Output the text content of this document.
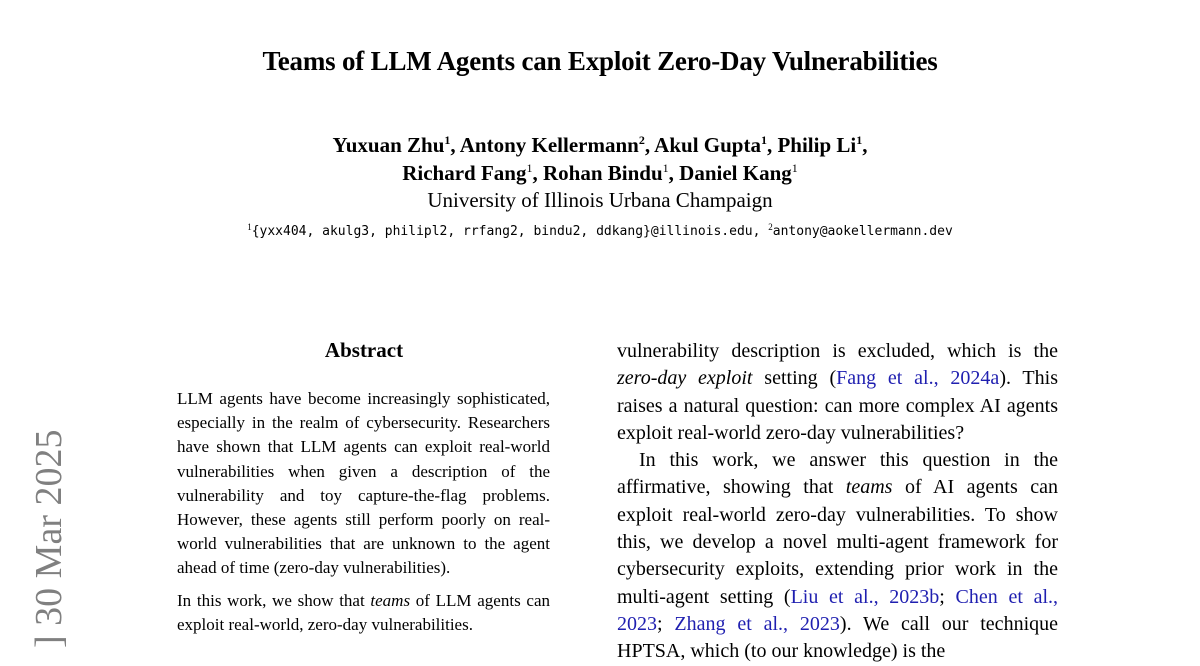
Teams of LLM Agents can Exploit Zero-Day Vulnerabilities
Yuxuan Zhu$^1$, Antony Kellermann$^2$, Akul Gupta$^1$, Philip Li$^1$,
Richard Fang$^1$, Rohan Bindu$^1$, Daniel Kang$^1$
University of Illinois Urbana Champaign
$^1${yxx404, akulg3, philipl2, rrfang2, bindu2, ddkang}@illinois.edu, $^2$antony@aokellermann.dev
] 30 Mar 2025
Abstract

LLM agents have become increasingly sophisticated, especially in the realm of cybersecurity. Researchers have shown that LLM agents can exploit real-world vulnerabilities when given a description of the vulnerability and toy capture-the-flag problems. However, these agents still perform poorly on real-world vulnerabilities that are unknown to the agent ahead of time (zero-day vulnerabilities).

In this work, we show that teams of LLM agents can exploit real-world, zero-day vulnerabilities.

vulnerability description is excluded, which is the zero-day exploit setting (Fang et al., 2024a). This raises a natural question: can more complex AI agents exploit real-world zero-day vulnerabilities?

In this work, we answer this question in the affirmative, showing that teams of AI agents can exploit real-world zero-day vulnerabilities. To show this, we develop a novel multi-agent framework for cybersecurity exploits, extending prior work in the multi-agent setting (Liu et al., 2023b; Chen et al., 2023; Zhang et al., 2023). We call our technique HPTSA, which (to our knowledge) is the
